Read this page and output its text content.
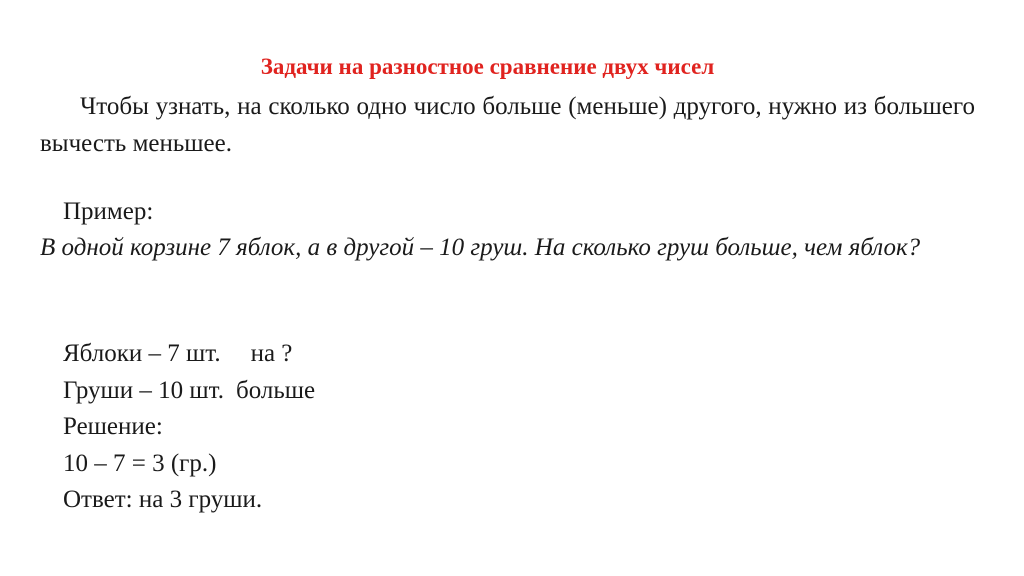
Задачи на разностное сравнение двух чисел
Чтобы узнать, на сколько одно число больше (меньше) другого, нужно из большего вычесть меньшее.
Пример:
В одной корзине 7 яблок, а в другой – 10 груш. На сколько груш больше, чем яблок?
Яблоки – 7 шт. на ?
Груши – 10 шт. больше
Решение:
10 – 7 = 3 (гр.)
Ответ: на 3 груши.
